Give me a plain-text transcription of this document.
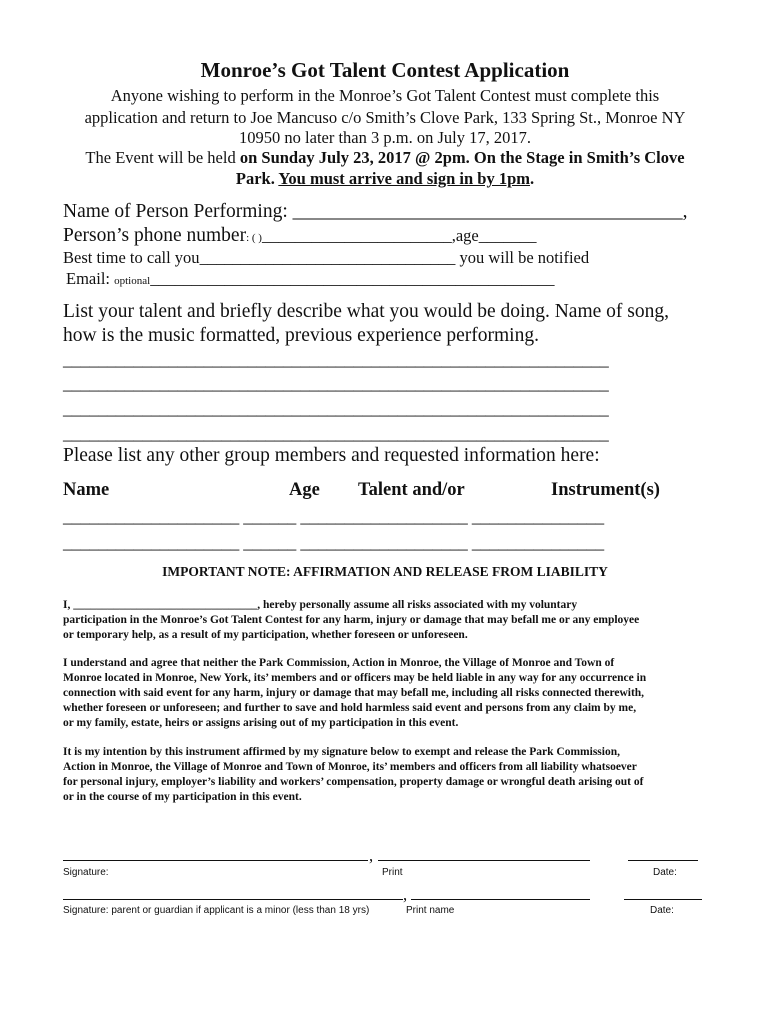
Monroe’s Got Talent Contest Application
Anyone wishing to perform in the Monroe’s Got Talent Contest must complete this
application and return to Joe Mancuso c/o Smith’s Clove Park, 133 Spring St., Monroe NY
10950 no later than 3 p.m. on July 17, 2017.
The Event will be held on Sunday July 23, 2017 @ 2pm. On the Stage in Smith’s Clove
Park. You must arrive and sign in by 1pm.
Name of Person Performing: ________________________________________,
Person’s phone number: ( )_______________________,age_______
Best time to call you_______________________________ you will be notified
Email: optional_________________________________________________
List your talent and briefly describe what you would be doing. Name of song,
how is the music formatted, previous experience performing.
______________________________________________________________
______________________________________________________________
______________________________________________________________
______________________________________________________________
Please list any other group members and requested information here:
Name	Age Talent and/or	Instrument(s)
____________________ ______ ___________________ _______________
____________________ ______ ___________________ _______________
IMPORTANT NOTE: AFFIRMATION AND RELEASE FROM LIABILITY
I, ________________________________, hereby personally assume all risks associated with my voluntary
participation in the Monroe’s Got Talent Contest for any harm, injury or damage that may befall me or any employee
or temporary help, as a result of my participation, whether foreseen or unforeseen.
I understand and agree that neither the Park Commission, Action in Monroe, the Village of Monroe and Town of
Monroe located in Monroe, New York, its’ members and or officers may be held liable in any way for any occurrence in
connection with said event for any harm, injury or damage that may befall me, including all risks connected therewith,
whether foreseen or unforeseen; and further to save and hold harmless said event and persons from any claim by me,
or my family, estate, heirs or assigns arising out of my participation in this event.
It is my intention by this instrument affirmed by my signature below to exempt and release the Park Commission,
Action in Monroe, the Village of Monroe and Town of Monroe, its’ members and officers from all liability whatsoever
for personal injury, employer’s liability and workers’ compensation, property damage or wrongful death arising out of
or in the course of my participation in this event.
,
Signature:	Print	Date:
,
Signature: parent or guardian if applicant is a minor (less than 18 yrs)	Print name	Date:
